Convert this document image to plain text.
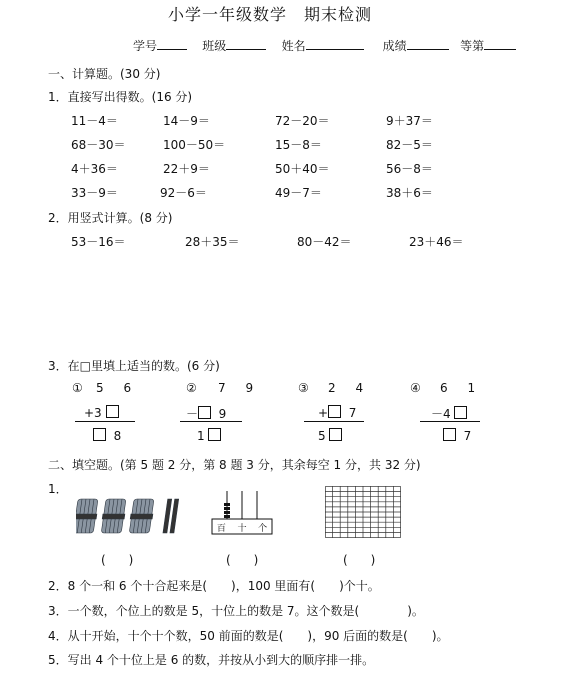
小学一年级数学　期末检测
学号	班级	姓名	成绩	等第
一、计算题。(30 分)
1．直接写出得数。(16 分)
11－4＝	14－9＝	72－20＝	9＋37＝
68－30＝	100－50＝	15－8＝	82－5＝
4＋36＝	22＋9＝	50＋40＝	56－8＝
33－9＝	92－6＝	49－7＝	38＋6＝
2．用竖式计算。(8 分)
53－16＝	28＋35＝	80－42＝	23＋46＝
3．在□里填上适当的数。(6 分)
① 5 6
+3
8
② 7 9
－ 9
1
③ 2 4
+ 7
5
④ 6 1
－4
7
二、填空题。(第 5 题 2 分，第 8 题 3 分，其余每空 1 分，共 32 分)
1．
百 十 个
(      )	(      )	(      )
2．8 个一和 6 个十合起来是(　　)，100 里面有(　　)个十。
3．一个数，个位上的数是 5，十位上的数是 7。这个数是(　　　　)。
4．从十开始，十个十个数，50 前面的数是(　　)，90 后面的数是(　　)。
5．写出 4 个十位上是 6 的数，并按从小到大的顺序排一排。
